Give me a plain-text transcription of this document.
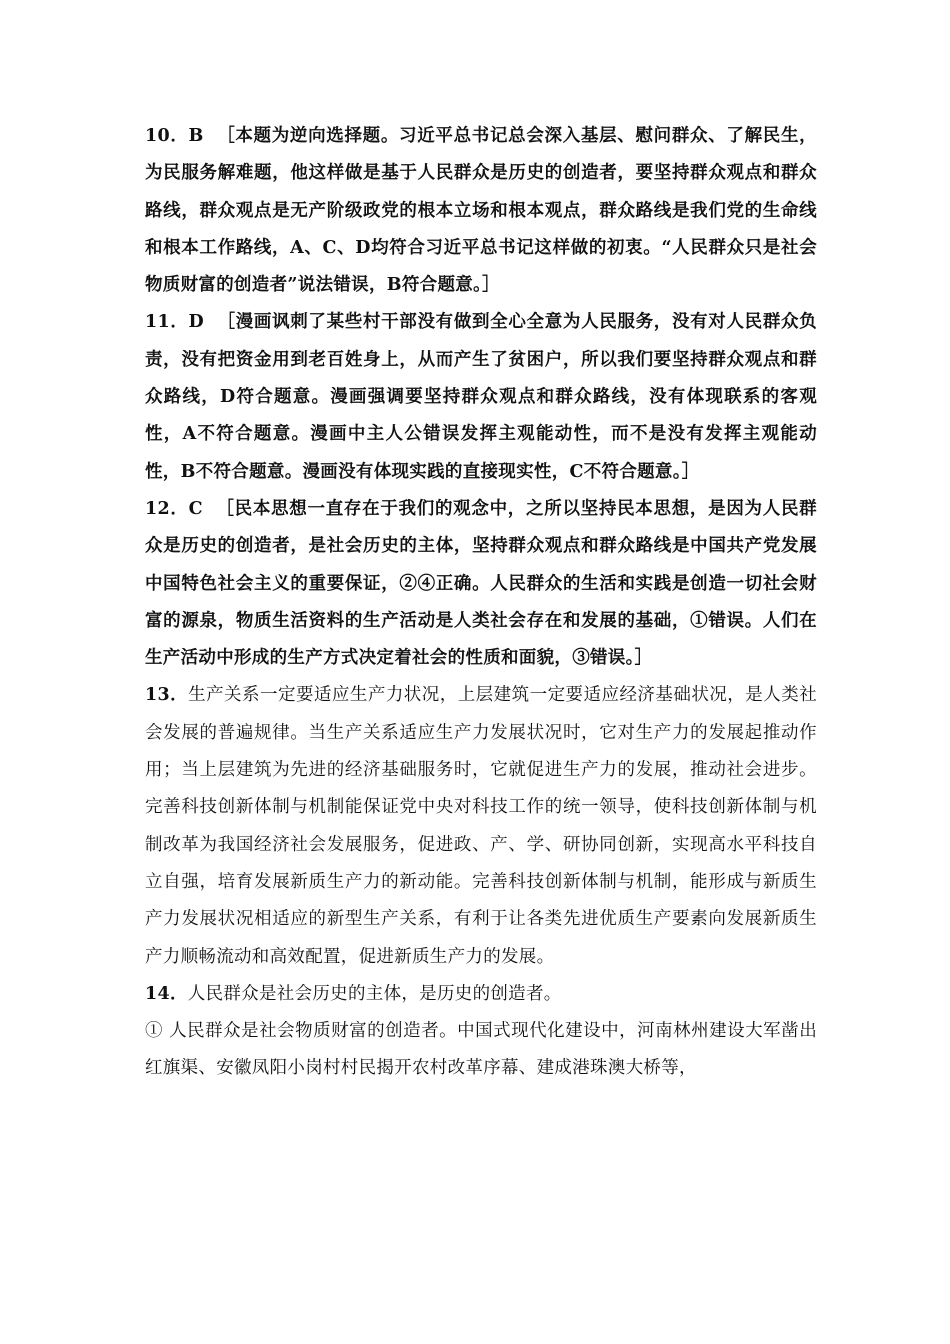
10．B ［本题为逆向选择题。习近平总书记总会深入基层、慰问群众、了解民生，为民服务解难题，他这样做是基于人民群众是历史的创造者，要坚持群众观点和群众路线，群众观点是无产阶级政党的根本立场和根本观点，群众路线是我们党的生命线和根本工作路线，A、C、D均符合习近平总书记这样做的初衷。“人民群众只是社会物质财富的创造者”说法错误，B符合题意。］

11．D ［漫画讽刺了某些村干部没有做到全心全意为人民服务，没有对人民群众负责，没有把资金用到老百姓身上，从而产生了贫困户，所以我们要坚持群众观点和群众路线，D符合题意。漫画强调要坚持群众观点和群众路线，没有体现联系的客观性，A不符合题意。漫画中主人公错误发挥主观能动性，而不是没有发挥主观能动性，B不符合题意。漫画没有体现实践的直接现实性，C不符合题意。］

12．C ［民本思想一直存在于我们的观念中，之所以坚持民本思想，是因为人民群众是历史的创造者，是社会历史的主体，坚持群众观点和群众路线是中国共产党发展中国特色社会主义的重要保证，②④正确。人民群众的生活和实践是创造一切社会财富的源泉，物质生活资料的生产活动是人类社会存在和发展的基础，①错误。人们在生产活动中形成的生产方式决定着社会的性质和面貌，③错误。］

13．生产关系一定要适应生产力状况，上层建筑一定要适应经济基础状况，是人类社会发展的普遍规律。当生产关系适应生产力发展状况时，它对生产力的发展起推动作用；当上层建筑为先进的经济基础服务时，它就促进生产力的发展，推动社会进步。完善科技创新体制与机制能保证党中央对科技工作的统一领导，使科技创新体制与机制改革为我国经济社会发展服务，促进政、产、学、研协同创新，实现高水平科技自立自强，培育发展新质生产力的新动能。完善科技创新体制与机制，能形成与新质生产力发展状况相适应的新型生产关系，有利于让各类先进优质生产要素向发展新质生产力顺畅流动和高效配置，促进新质生产力的发展。

14．人民群众是社会历史的主体，是历史的创造者。

① 人民群众是社会物质财富的创造者。中国式现代化建设中，河南林州建设大军凿出红旗渠、安徽凤阳小岗村村民揭开农村改革序幕、建成港珠澳大桥等，
